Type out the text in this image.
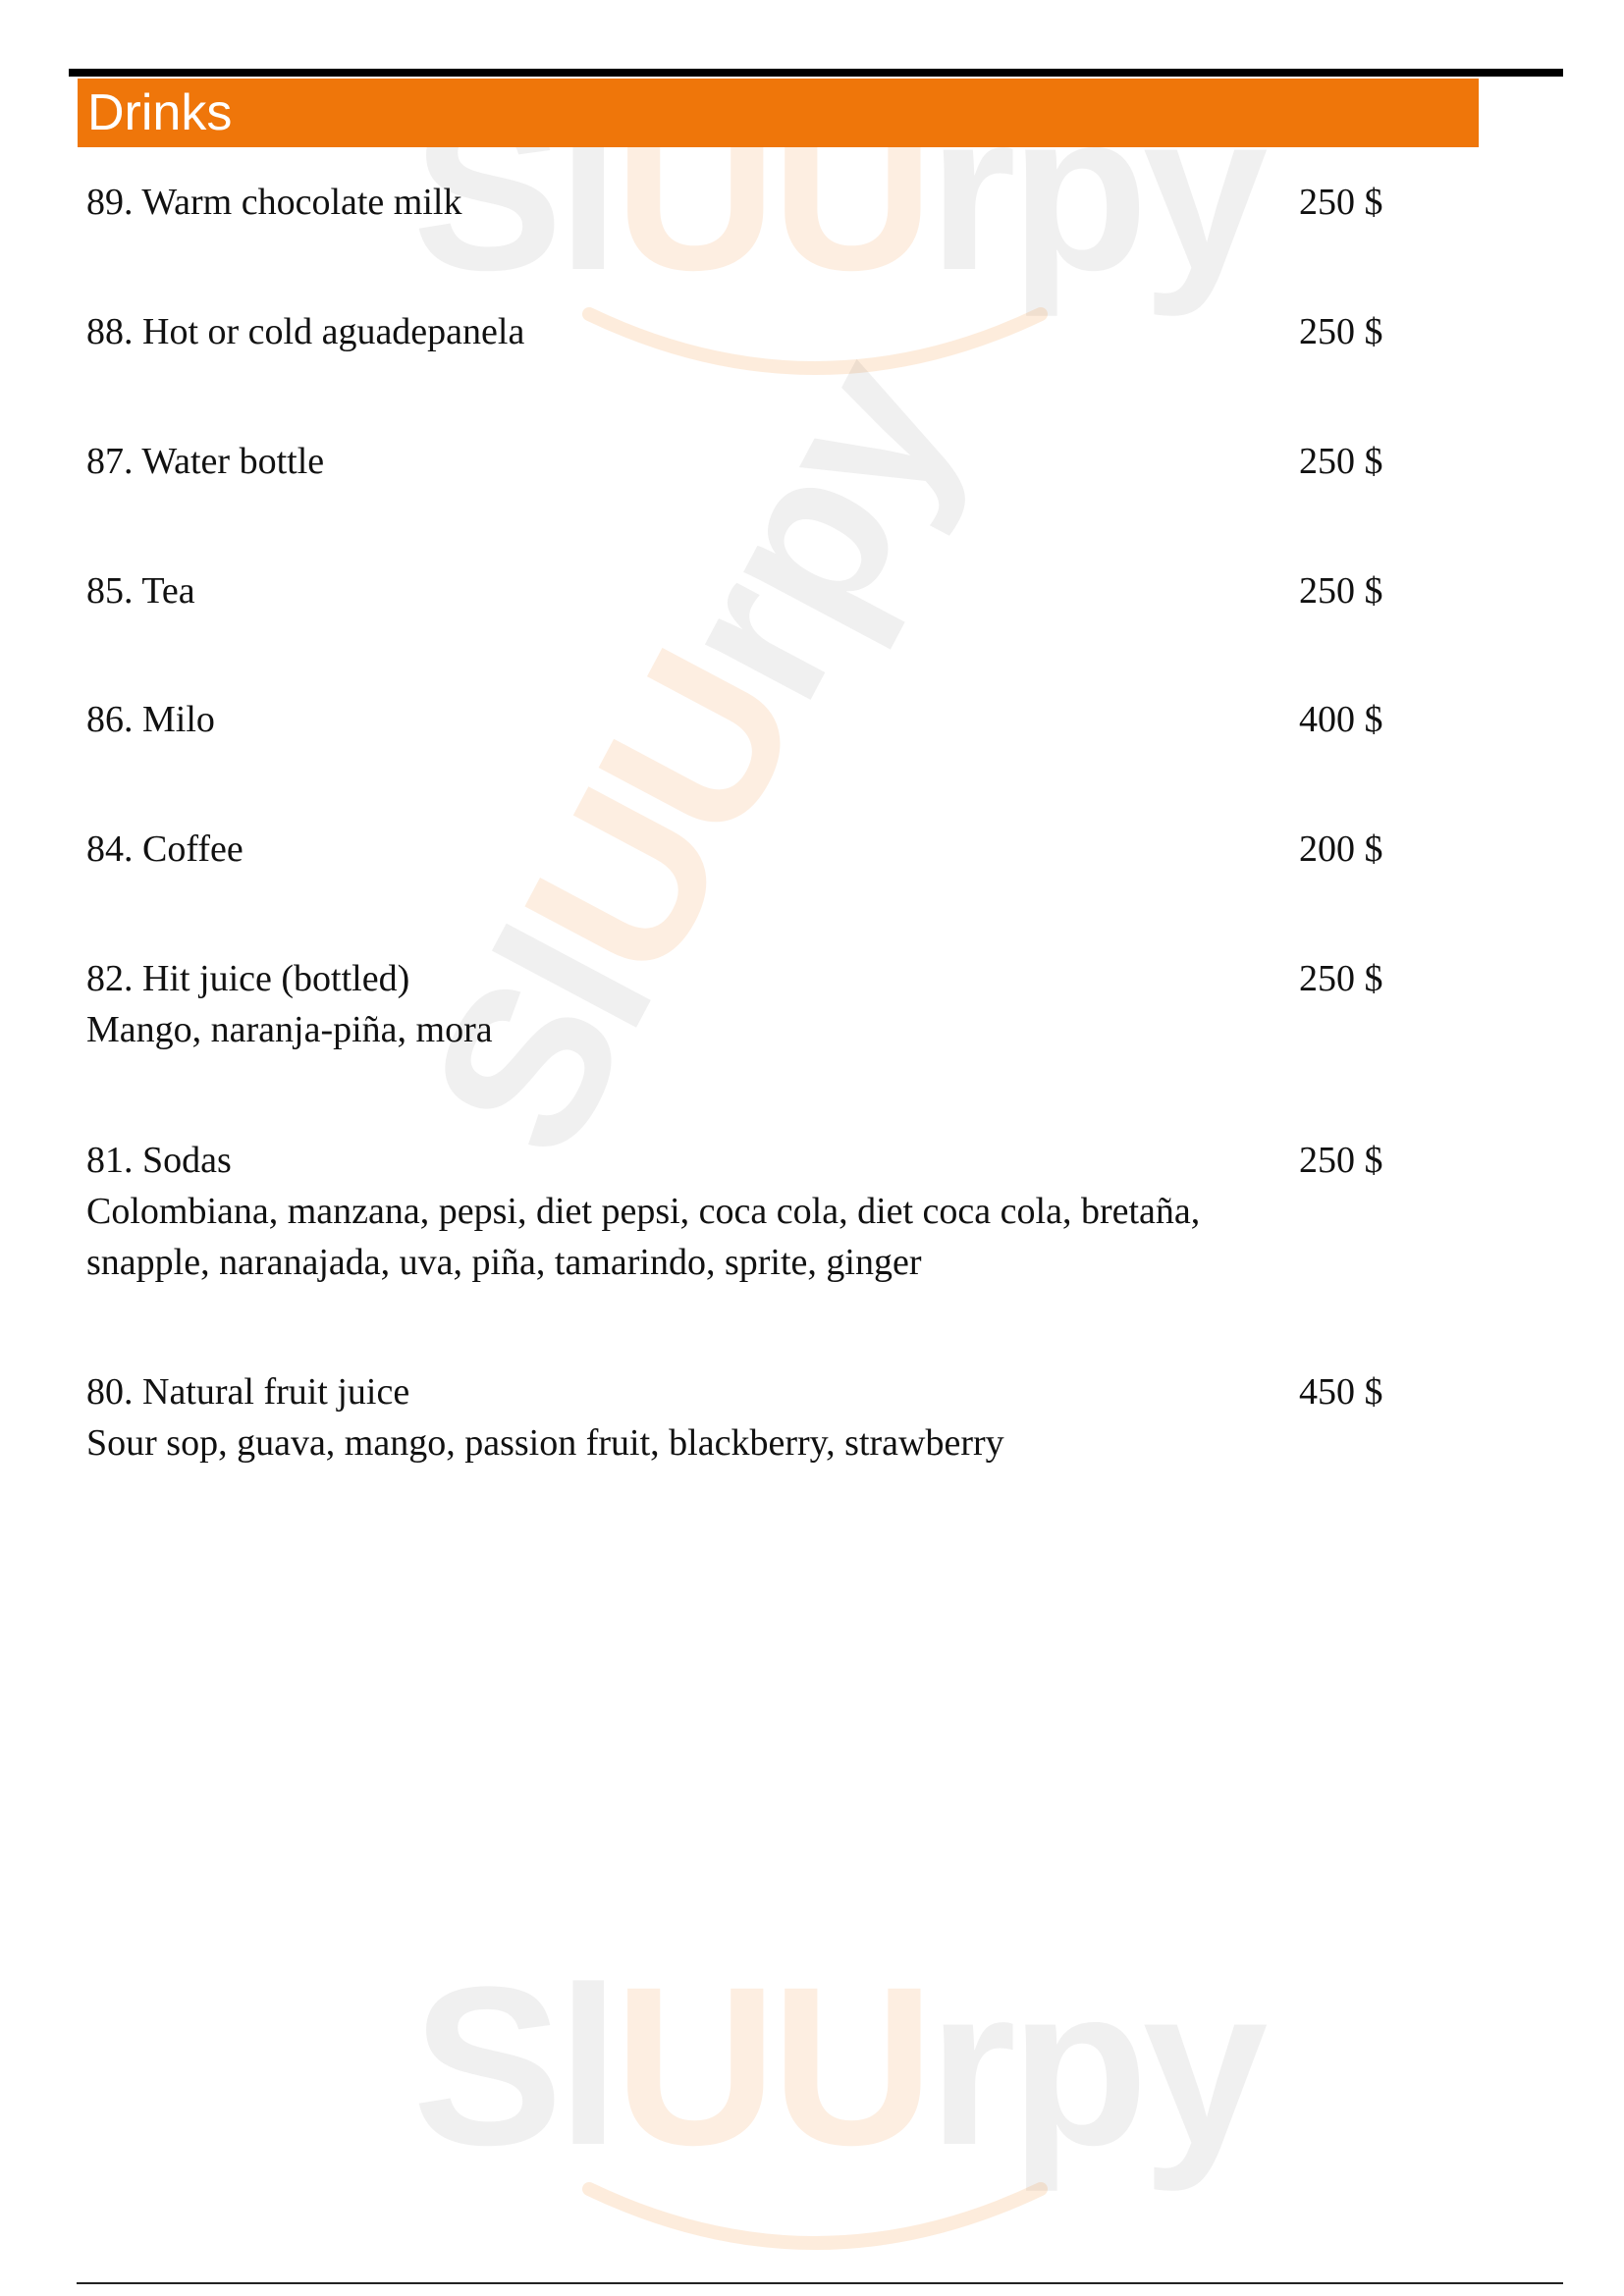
SlUUrpy
SlUUrpy
SlUUrpy
Drinks
89. Warm chocolate milk	250 $
88. Hot or cold aguadepanela	250 $
87. Water bottle	250 $
85. Tea	250 $
86. Milo	400 $
84. Coffee	200 $
82. Hit juice (bottled)
Mango, naranja-piña, mora
250 $
81. Sodas
Colombiana, manzana, pepsi, diet pepsi, coca cola, diet coca cola, bretaña, snapple, naranajada, uva, piña, tamarindo, sprite, ginger
250 $
80. Natural fruit juice
Sour sop, guava, mango, passion fruit, blackberry, strawberry
450 $
